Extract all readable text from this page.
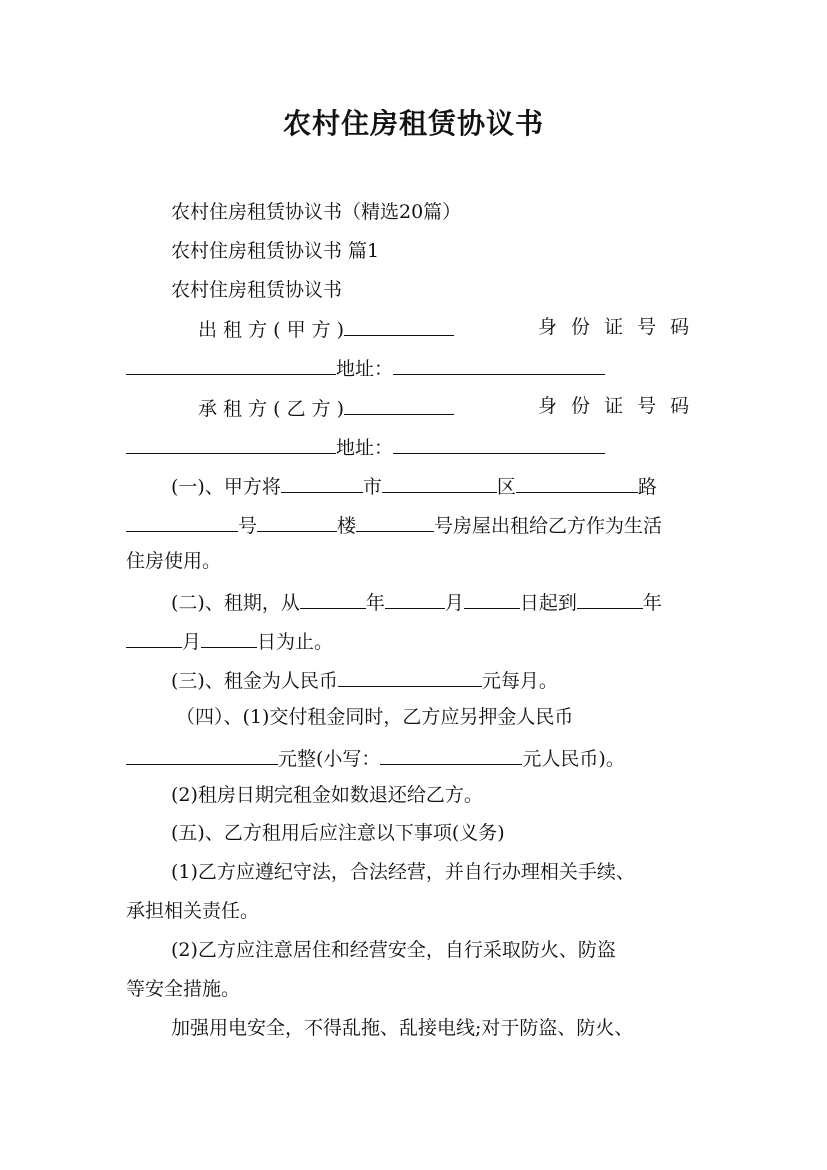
农村住房租赁协议书
农村住房租赁协议书（精选20篇）
农村住房租赁协议书 篇1
农村住房租赁协议书
出 租 方 ( 甲 方 )	身 份 证 号 码
地址：
承 租 方 ( 乙 方 )	身 份 证 号 码
地址：
(一)、甲方将	市	区	路
号	楼	号房屋出租给乙方作为生活
住房使用。
(二)、租期，从	年	月	日起到	年
月	日为止。
(三)、租金为人民币	元每月。
（四）、(1)交付租金同时，乙方应另押金人民币
元整(小写：	元人民币)。
(2)租房日期完租金如数退还给乙方。
(五)、乙方租用后应注意以下事项(义务)
(1)乙方应遵纪守法，合法经营，并自行办理相关手续、
承担相关责任。
(2)乙方应注意居住和经营安全，自行采取防火、防盗
等安全措施。
加强用电安全，不得乱拖、乱接电线;对于防盗、防火、
